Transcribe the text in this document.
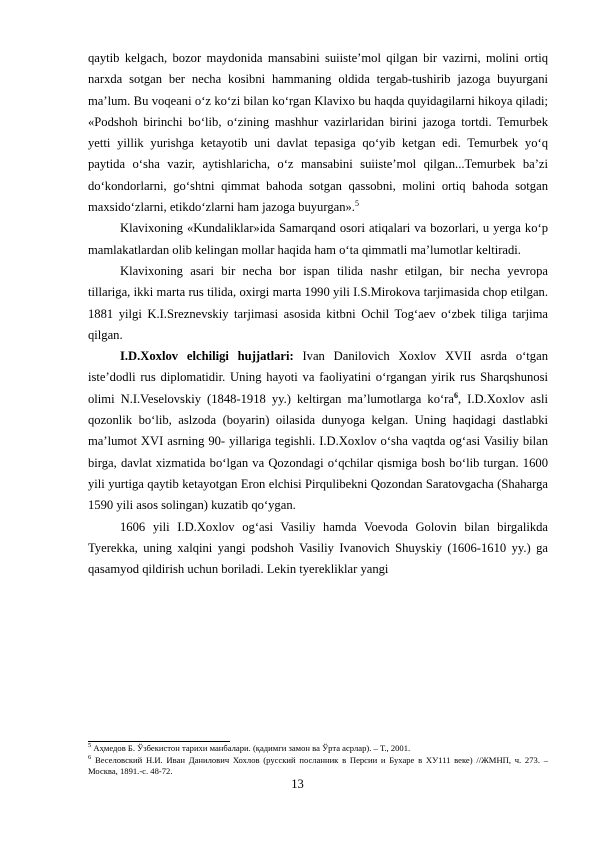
qaytib kelgach, bozor maydonida mansabini suiiste’mol qilgan bir vazirni, molini ortiq narxda sotgan ber necha kosibni hammaning oldida tergab-tushirib jazoga buyurgani ma’lum. Bu voqeani o‘z ko‘zi bilan ko‘rgan Klavixo bu haqda quyidagilarni hikoya qiladi; «Podshoh birinchi bo‘lib, o‘zining mashhur vazirlaridan birini jazoga tortdi. Temurbek yetti yillik yurishga ketayotib uni davlat tepasiga qo‘yib ketgan edi. Temurbek yo‘q paytida o‘sha vazir, aytishlaricha, o‘z mansabini suiiste’mol qilgan...Temurbek ba’zi do‘kondorlarni, go‘shtni qimmat bahoda sotgan qassobni, molini ortiq bahoda sotgan maxsido‘zlarni, etikdo‘zlarni ham jazoga buyurgan».$^5$

Klavixoning «Kundaliklar»ida Samarqand osori atiqalari va bozorlari, u yerga ko‘p mamlakatlardan olib kelingan mollar haqida ham o‘ta qimmatli ma’lumotlar keltiradi.

Klavixoning asari bir necha bor ispan tilida nashr etilgan, bir necha yevropa tillariga, ikki marta rus tilida, oxirgi marta 1990 yili I.S.Mirokova tarjimasida chop etilgan. 1881 yilgi K.I.Sreznevskiy tarjimasi asosida kitbni Ochil Tog‘aev o‘zbek tiliga tarjima qilgan.

I.D.Xoxlov elchiligi hujjatlari: Ivan Danilovich Xoxlov XVII asrda o‘tgan iste’dodli rus diplomatidir. Uning hayoti va faoliyatini o‘rgangan yirik rus Sharqshunosi olimi N.I.Veselovskiy (1848-1918 yy.) keltirgan ma’lumotlarga $ko‘ra^6$, I.D.Xoxlov asli qozonlik bo‘lib, aslzoda (boyarin) oilasida dunyoga kelgan. Uning haqidagi dastlabki ma’lumot XVI asrning 90- yillariga tegishli. I.D.Xoxlov o‘sha vaqtda og‘asi Vasiliy bilan birga, davlat xizmatida bo‘lgan va Qozondagi o‘qchilar qismiga bosh bo‘lib turgan. 1600 yili yurtiga qaytib ketayotgan Eron elchisi Pirqulibekni Qozondan Saratovgacha (Shaharga 1590 yili asos solingan) kuzatib qo‘ygan.

1606 yili I.D.Xoxlov og‘asi Vasiliy hamda Voevoda Golovin bilan birgalikda Tyerekka, uning xalqini yangi podshoh Vasiliy Ivanovich Shuyskiy (1606-1610 yy.) ga qasamyod qildirish uchun boriladi. Lekin tyerekliklar yangi

$^5$ Аҳмедов Б. Ўзбекистон тарихи манбалари. (қадимги замон ва Ўрта асрлар). – Т., 2001.

$^6$ Веселовский Н.И. Иван Данилович Хохлов (русский посланник в Персии и Бухаре в ХУ111 веке) //ЖМНП, ч. 273. – Москва, 1891.-с. 48-72.

13
